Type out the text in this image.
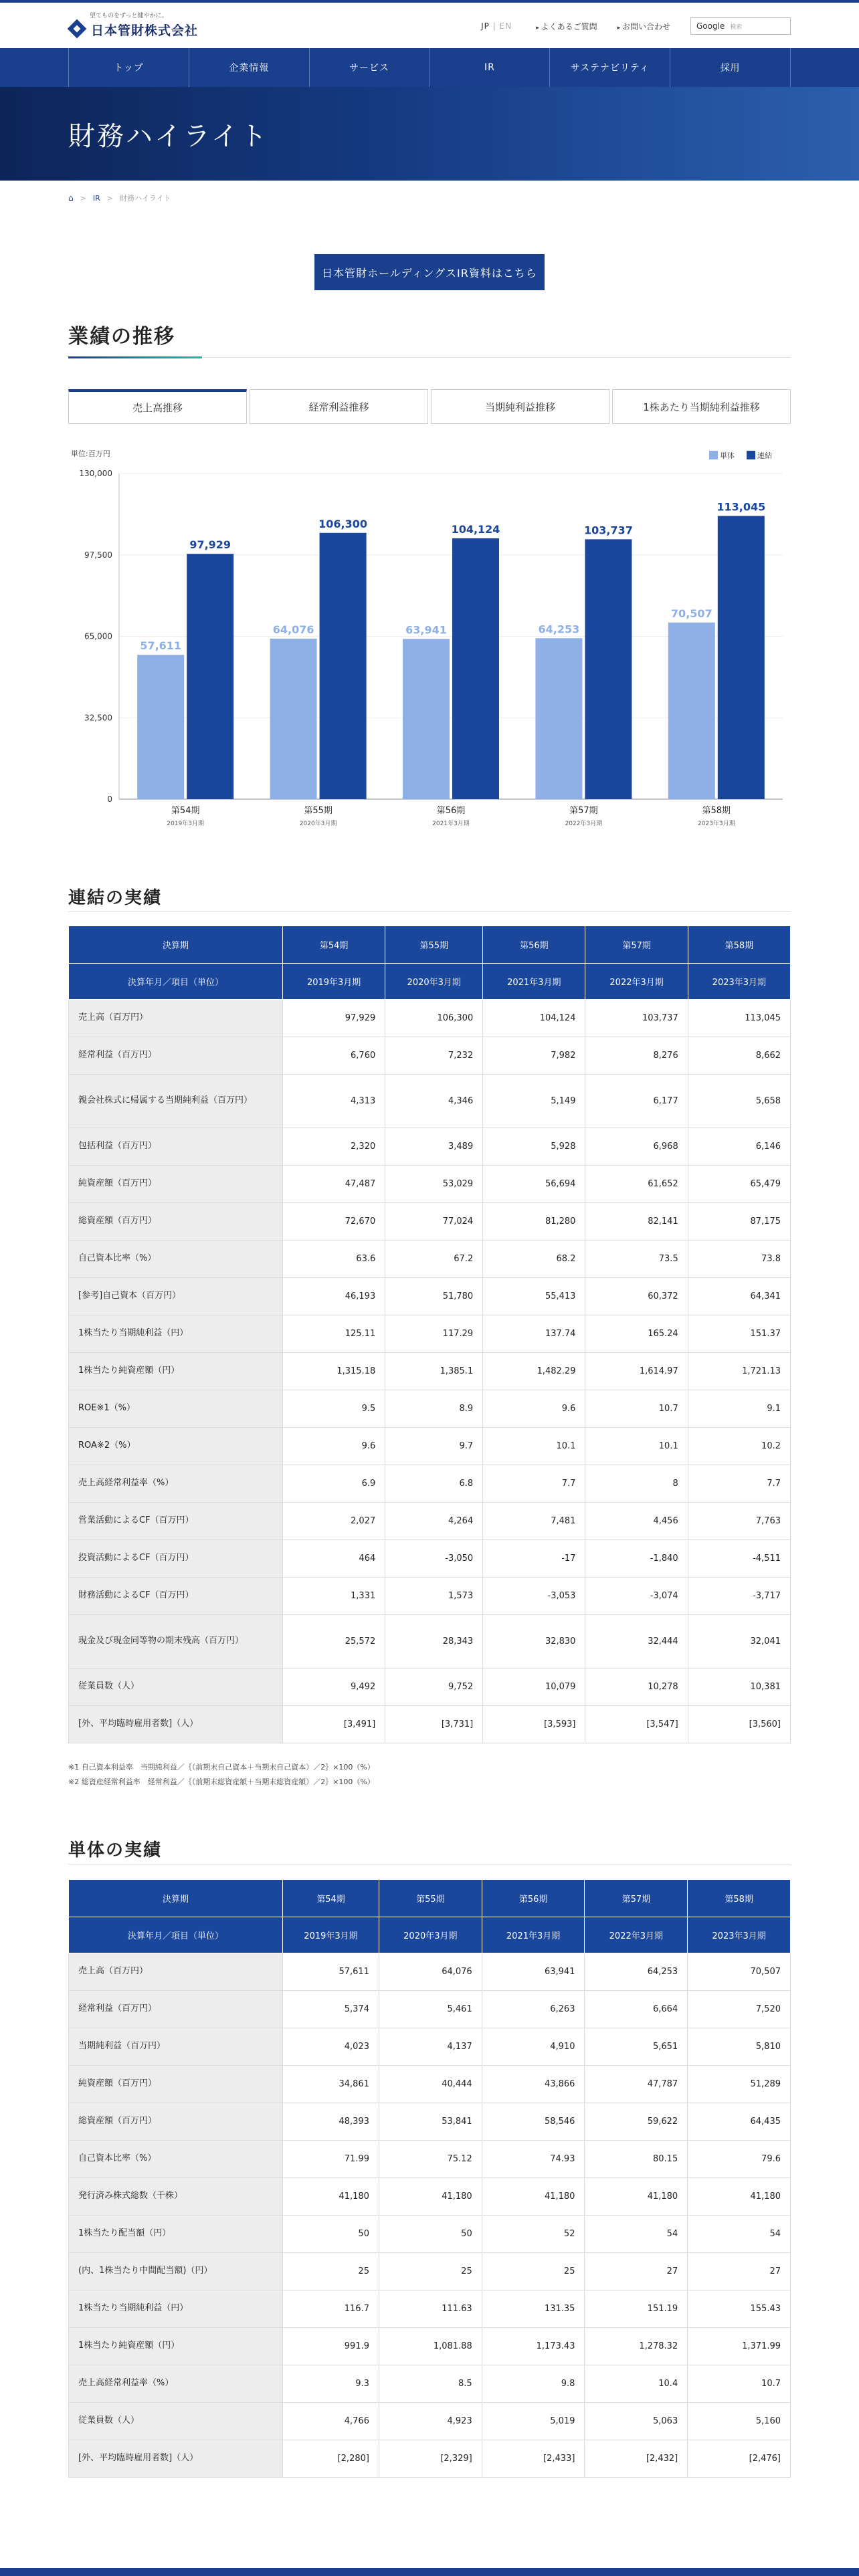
望てものをずっと健やかに。
日本管財株式会社	JP | EN	▸ よくあるご質問	▸ お問い合わせ	Google 検索
トップ	企業情報	サービス	IR	サステナビリティ	採用
財務ハイライト
⌂ > IR > 財務ハイライト
日本管財ホールディングスIR資料はこちら
業績の推移
売上高推移	経常利益推移	当期純利益推移	1株あたり当期純利益推移
単位:百万円
0
32,500
65,000
97,500
130,000
単体	連結
57,611
97,929
第54期
2019年3月期
64,076
106,300
第55期
2020年3月期
63,941
104,124
第56期
2021年3月期
64,253
103,737
第57期
2022年3月期
70,507
113,045
第58期
2023年3月期
連結の実績
決算期	第54期	第55期	第56期	第57期	第58期
決算年月／項目（単位）	2019年3月期	2020年3月期	2021年3月期	2022年3月期	2023年3月期
売上高（百万円）	97,929	106,300	104,124	103,737	113,045
経常利益（百万円）	6,760	7,232	7,982	8,276	8,662
親会社株式に帰属する当期純利益（百万円）	4,313	4,346	5,149	6,177	5,658
包括利益（百万円）	2,320	3,489	5,928	6,968	6,146
純資産額（百万円）	47,487	53,029	56,694	61,652	65,479
総資産額（百万円）	72,670	77,024	81,280	82,141	87,175
自己資本比率（%）	63.6	67.2	68.2	73.5	73.8
[参考]自己資本（百万円）	46,193	51,780	55,413	60,372	64,341
1株当たり当期純利益（円）	125.11	117.29	137.74	165.24	151.37
1株当たり純資産額（円）	1,315.18	1,385.1	1,482.29	1,614.97	1,721.13
ROE※1（%）	9.5	8.9	9.6	10.7	9.1
ROA※2（%）	9.6	9.7	10.1	10.1	10.2
売上高経常利益率（%）	6.9	6.8	7.7	8	7.7
営業活動によるCF（百万円）	2,027	4,264	7,481	4,456	7,763
投資活動によるCF（百万円）	464	-3,050	-17	-1,840	-4,511
財務活動によるCF（百万円）	1,331	1,573	-3,053	-3,074	-3,717
現金及び現金同等物の期末残高（百万円）	25,572	28,343	32,830	32,444	32,041
従業員数（人）	9,492	9,752	10,079	10,278	10,381
[外、平均臨時雇用者数]（人）	[3,491]	[3,731]	[3,593]	[3,547]	[3,560]
※1 自己資本利益率　当期純利益／｛（前期末自己資本＋当期末自己資本）／2｝×100（%）
※2 総資産経常利益率　経常利益／｛（前期末総資産額＋当期末総資産額）／2｝×100（%）
単体の実績
決算期	第54期	第55期	第56期	第57期	第58期
決算年月／項目（単位）	2019年3月期	2020年3月期	2021年3月期	2022年3月期	2023年3月期
売上高（百万円）	57,611	64,076	63,941	64,253	70,507
経常利益（百万円）	5,374	5,461	6,263	6,664	7,520
当期純利益（百万円）	4,023	4,137	4,910	5,651	5,810
純資産額（百万円）	34,861	40,444	43,866	47,787	51,289
総資産額（百万円）	48,393	53,841	58,546	59,622	64,435
自己資本比率（%）	71.99	75.12	74.93	80.15	79.6
発行済み株式総数（千株）	41,180	41,180	41,180	41,180	41,180
1株当たり配当額（円）	50	50	52	54	54
(内、1株当たり中間配当額)（円）	25	25	25	27	27
1株当たり当期純利益（円）	116.7	111.63	131.35	151.19	155.43
1株当たり純資産額（円）	991.9	1,081.88	1,173.43	1,278.32	1,371.99
売上高経常利益率（%）	9.3	8.5	9.8	10.4	10.7
従業員数（人）	4,766	4,923	5,019	5,063	5,160
[外、平均臨時雇用者数]（人）	[2,280]	[2,329]	[2,433]	[2,432]	[2,476]
